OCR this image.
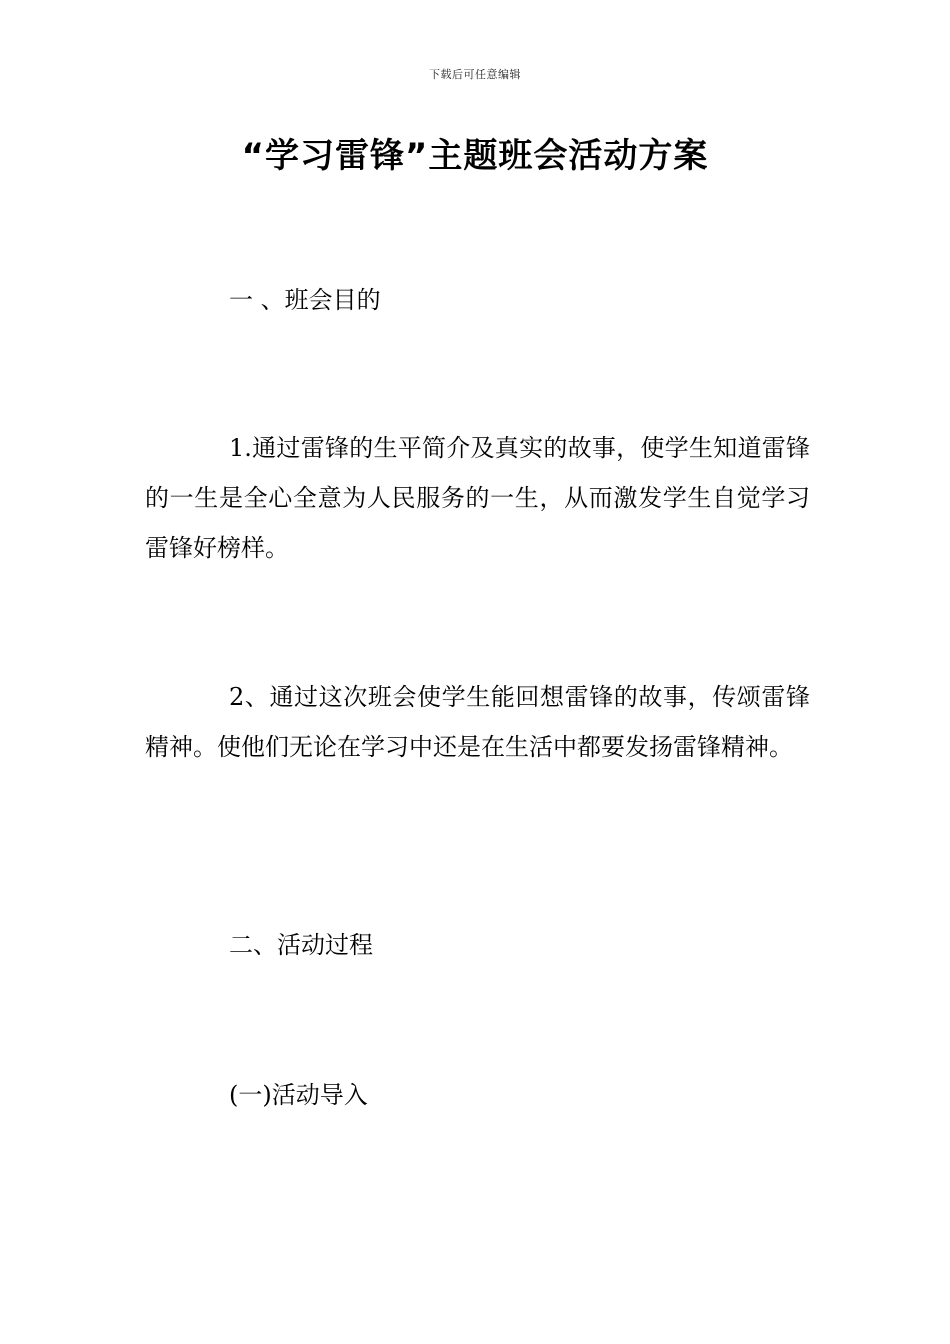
下载后可任意编辑
“学习雷锋”主题班会活动方案

一 、班会目的

1.通过雷锋的生平简介及真实的故事，使学生知道雷锋的一生是全心全意为人民服务的一生，从而激发学生自觉学习雷锋好榜样。

2、通过这次班会使学生能回想雷锋的故事，传颂雷锋精神。使他们无论在学习中还是在生活中都要发扬雷锋精神。

二、活动过程

(一)活动导入
